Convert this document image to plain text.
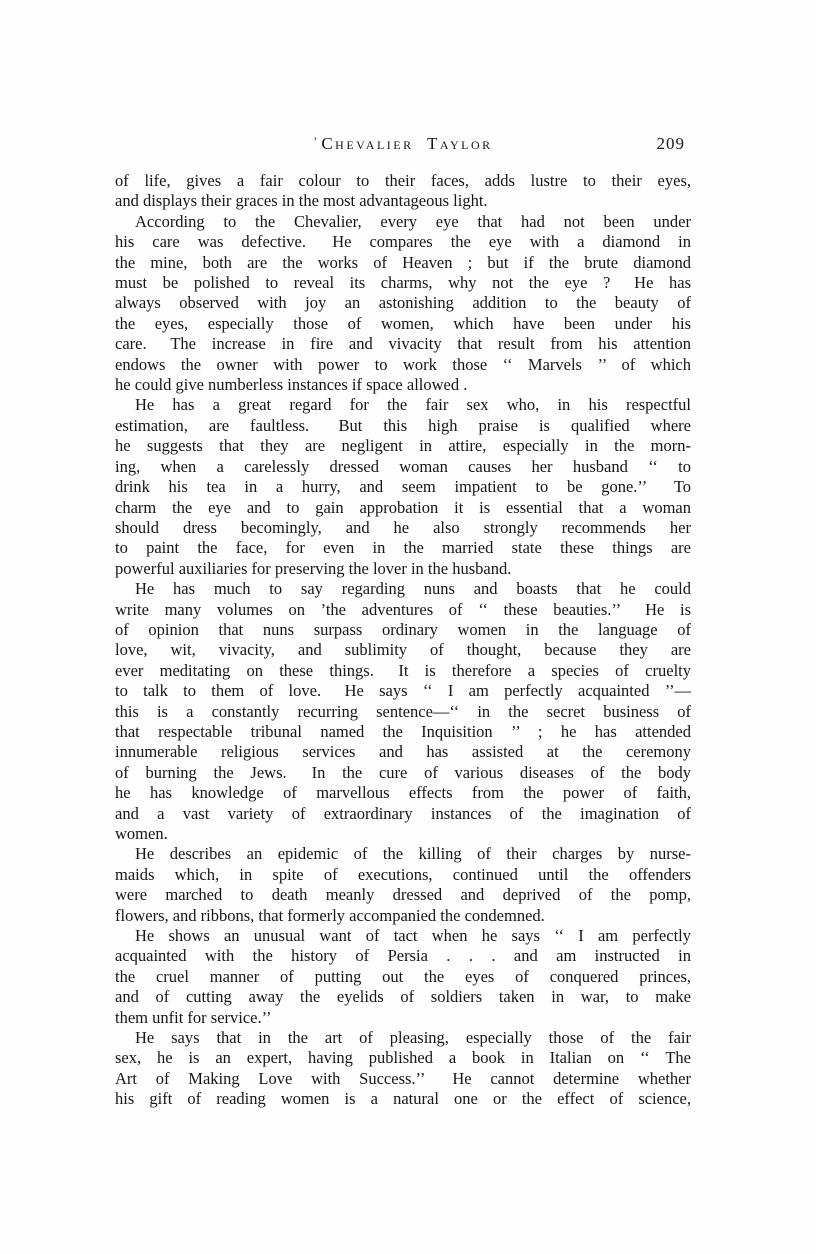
’ Chevalier Taylor	209
of life, gives a fair colour to their faces, adds lustre to their eyes,
and displays their graces in the most advantageous light.
According to the Chevalier, every eye that had not been under
his care was defective.  He compares the eye with a diamond in
the mine, both are the works of Heaven ; but if the brute diamond
must be polished to reveal its charms, why not the eye ?  He has
always observed with joy an astonishing addition to the beauty of
the eyes, especially those of women, which have been under his
care.  The increase in fire and vivacity that result from his attention
endows the owner with power to work those ‘‘ Marvels ’’ of which
he could give numberless instances if space allowed .
He has a great regard for the fair sex who, in his respectful
estimation, are faultless.  But this high praise is qualified where
he suggests that they are negligent in attire, especially in the morn-
ing, when a carelessly dressed woman causes her husband ‘‘ to
drink his tea in a hurry, and seem impatient to be gone.’’  To
charm the eye and to gain approbation it is essential that a woman
should dress becomingly, and he also strongly recommends her
to paint the face, for even in the married state these things are
powerful auxiliaries for preserving the lover in the husband.
He has much to say regarding nuns and boasts that he could
write many volumes on ’the adventures of ‘‘ these beauties.’’  He is
of opinion that nuns surpass ordinary women in the language of
love, wit, vivacity, and sublimity of thought, because they are
ever meditating on these things.  It is therefore a species of cruelty
to talk to them of love.  He says ‘‘ I am perfectly acquainted ’’—
this is a constantly recurring sentence—‘‘ in the secret business of
that respectable tribunal named the Inquisition ’’ ; he has attended
innumerable religious services and has assisted at the ceremony
of burning the Jews.  In the cure of various diseases of the body
he has knowledge of marvellous effects from the power of faith,
and a vast variety of extraordinary instances of the imagination of
women.
He describes an epidemic of the killing of their charges by nurse-
maids which, in spite of executions, continued until the offenders
were marched to death meanly dressed and deprived of the pomp,
flowers, and ribbons, that formerly accompanied the condemned.
He shows an unusual want of tact when he says ‘‘ I am perfectly
acquainted with the history of Persia . . . and am instructed in
the cruel manner of putting out the eyes of conquered princes,
and of cutting away the eyelids of soldiers taken in war, to make
them unfit for service.’’
He says that in the art of pleasing, especially those of the fair
sex, he is an expert, having published a book in Italian on ‘‘ The
Art of Making Love with Success.’’  He cannot determine whether
his gift of reading women is a natural one or the effect of science,
